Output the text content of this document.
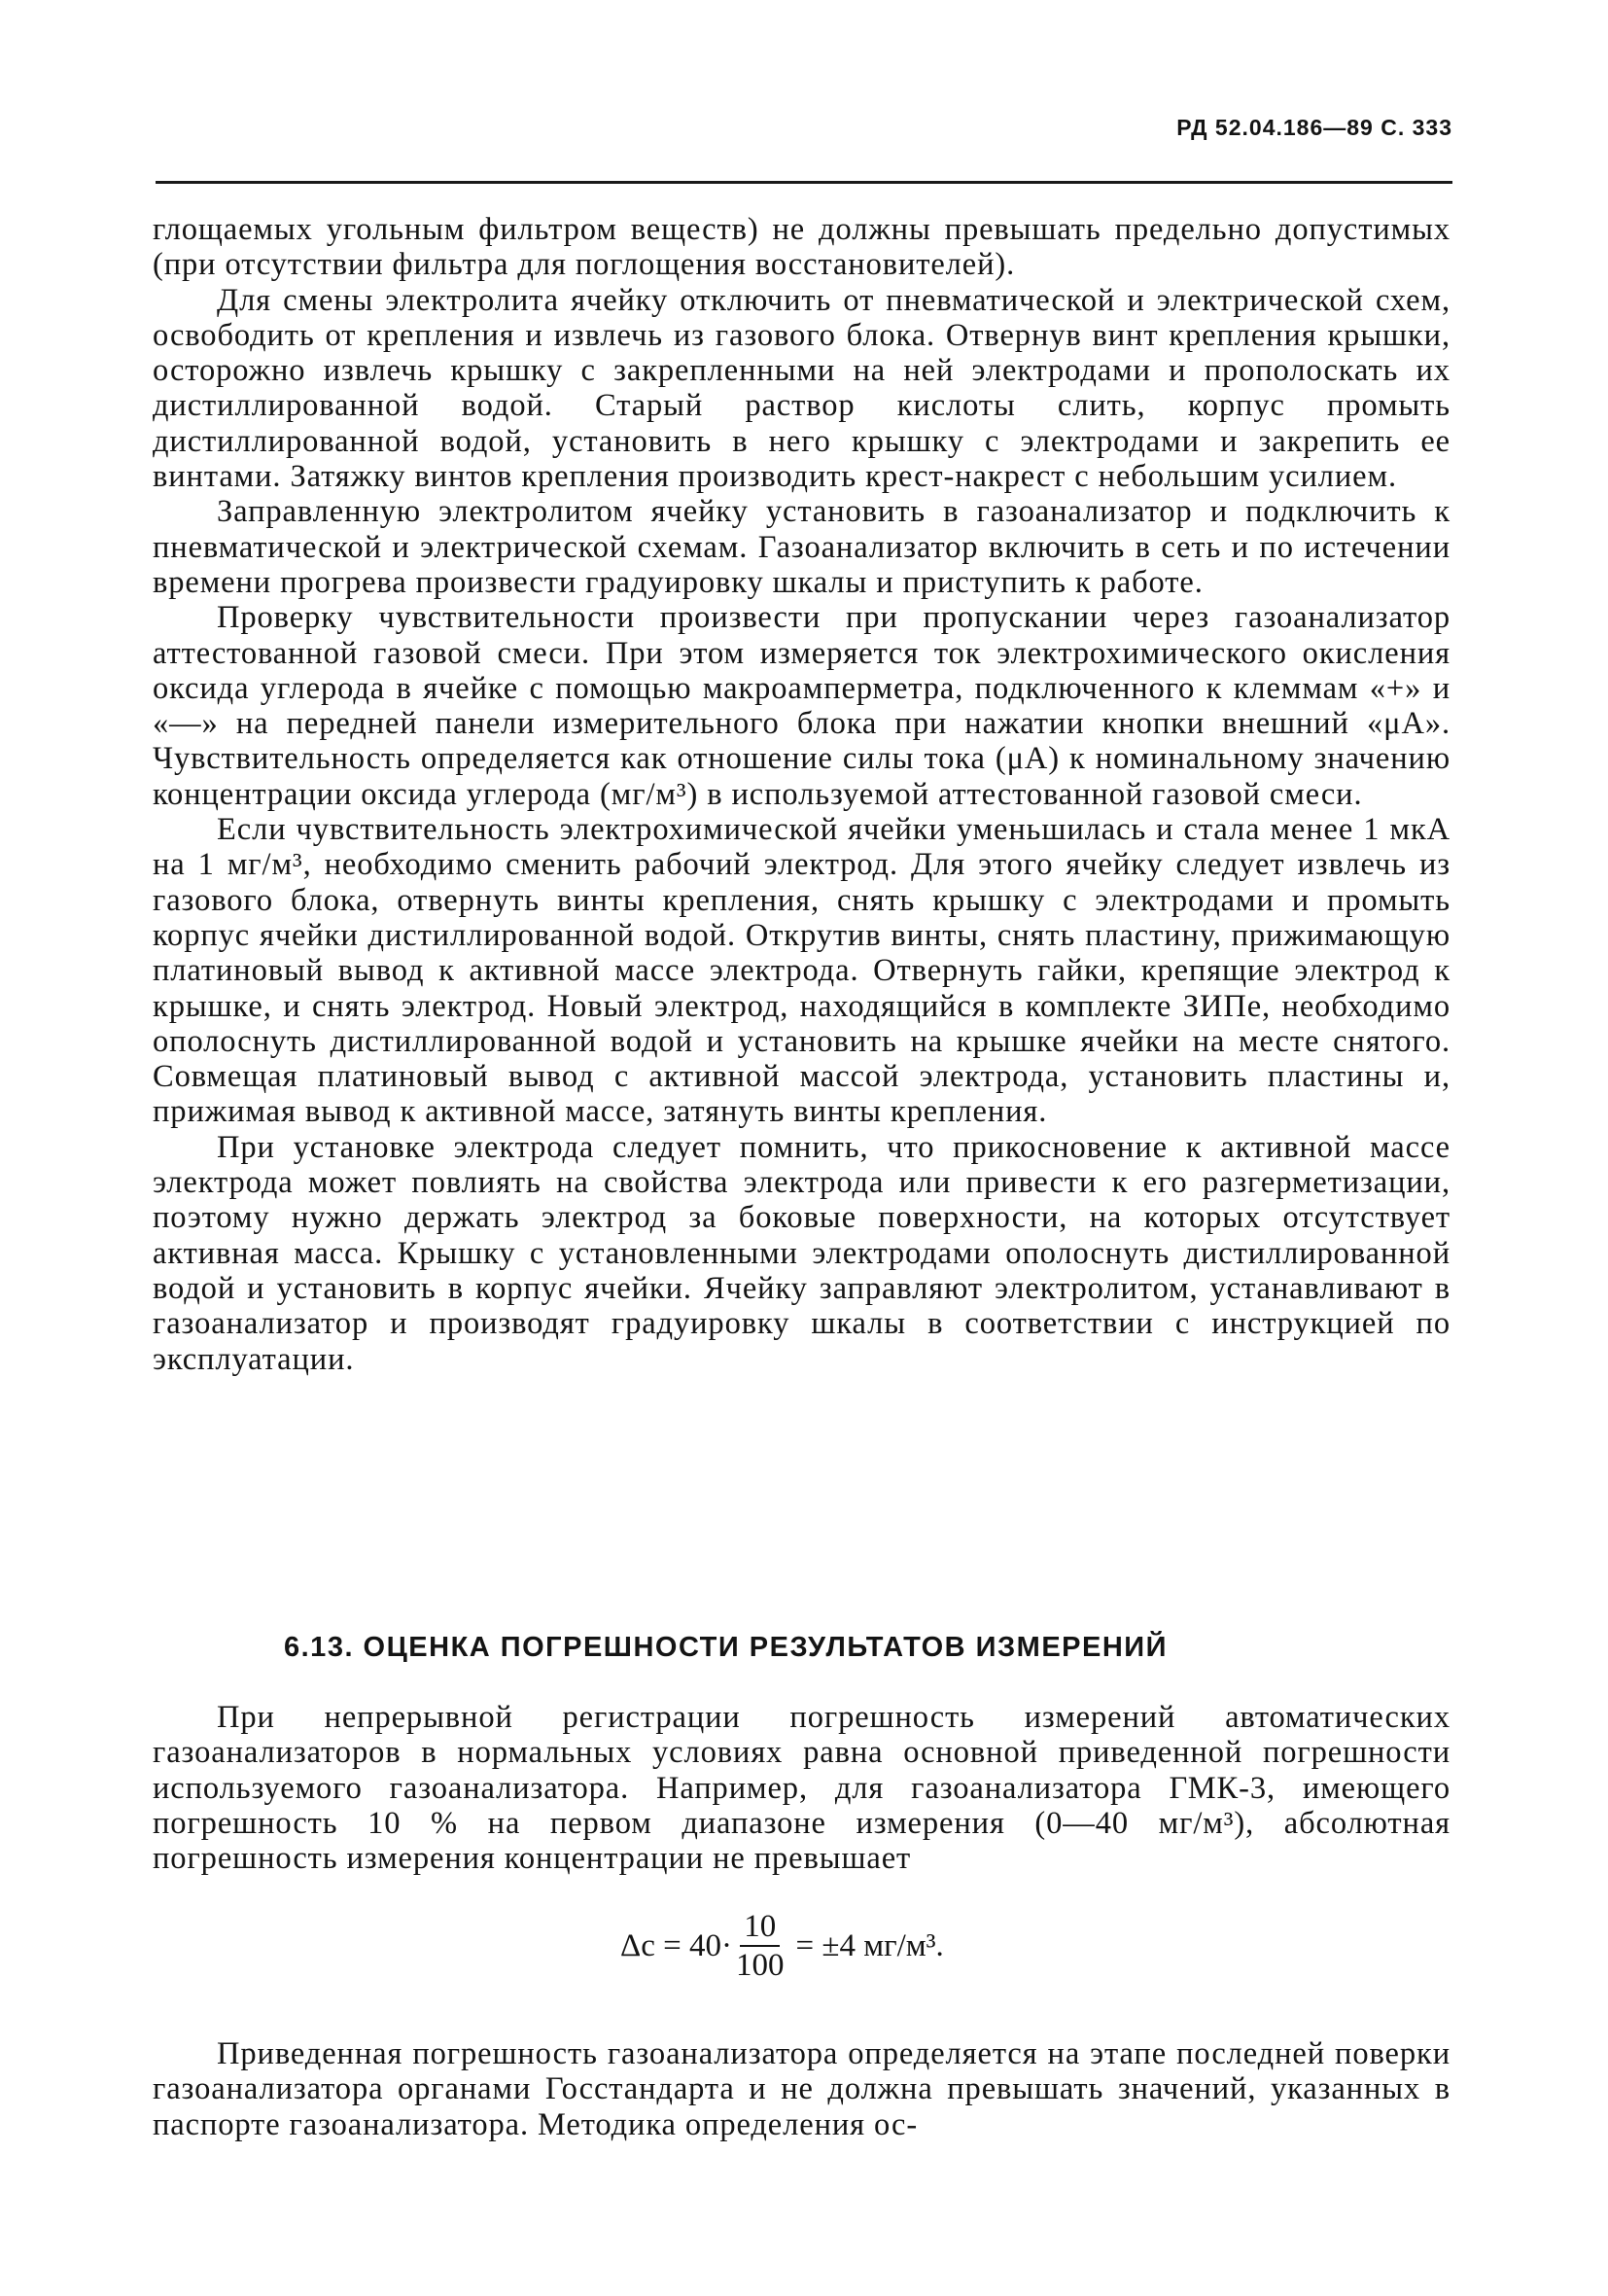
РД 52.04.186—89 С. 333

глощаемых угольным фильтром веществ) не должны превышать предельно допустимых (при отсутствии фильтра для поглощения восстановителей).

Для смены электролита ячейку отключить от пневматической и электрической схем, освободить от крепления и извлечь из газового блока. Отвернув винт крепления крышки, осторожно извлечь крышку с закрепленными на ней электродами и прополоскать их дистиллированной водой. Старый раствор кислоты слить, корпус промыть дистиллированной водой, установить в него крышку с электродами и закрепить ее винтами. Затяжку винтов крепления производить крест-накрест с небольшим усилием.

Заправленную электролитом ячейку установить в газоанализатор и подключить к пневматической и электрической схемам. Газоанализатор включить в сеть и по истечении времени прогрева произвести градуировку шкалы и приступить к работе.

Проверку чувствительности произвести при пропускании через газоанализатор аттестованной газовой смеси. При этом измеряется ток электрохимического окисления оксида углерода в ячейке с помощью макроамперметра, подключенного к клеммам «+» и «—» на передней панели измерительного блока при нажатии кнопки внешний «μА». Чувствительность определяется как отношение силы тока (μА) к номинальному значению концентрации оксида углерода (мг/м³) в используемой аттестованной газовой смеси.

Если чувствительность электрохимической ячейки уменьшилась и стала менее 1 мкА на 1 мг/м³, необходимо сменить рабочий электрод. Для этого ячейку следует извлечь из газового блока, отвернуть винты крепления, снять крышку с электродами и промыть корпус ячейки дистиллированной водой. Открутив винты, снять пластину, прижимающую платиновый вывод к активной массе электрода. Отвернуть гайки, крепящие электрод к крышке, и снять электрод. Новый электрод, находящийся в комплекте ЗИПе, необходимо ополоснуть дистиллированной водой и установить на крышке ячейки на месте снятого. Совмещая платиновый вывод с активной массой электрода, установить пластины и, прижимая вывод к активной массе, затянуть винты крепления.

При установке электрода следует помнить, что прикосновение к активной массе электрода может повлиять на свойства электрода или привести к его разгерметизации, поэтому нужно держать электрод за боковые поверхности, на которых отсутствует активная масса. Крышку с установленными электродами ополоснуть дистиллированной водой и установить в корпус ячейки. Ячейку заправляют электролитом, устанавливают в газоанализатор и производят градуировку шкалы в соответствии с инструкцией по эксплуатации.

6.13. ОЦЕНКА ПОГРЕШНОСТИ РЕЗУЛЬТАТОВ ИЗМЕРЕНИЙ

При непрерывной регистрации погрешность измерений автоматических газоанализаторов в нормальных условиях равна основной приведенной погрешности используемого газоанализатора. Например, для газоанализатора ГМК-3, имеющего погрешность 10 % на первом диапазоне измерения (0—40 мг/м³), абсолютная погрешность измерения концентрации не превышает

$\Delta c = 40\cdot \frac{10}{100} = \pm 4$ мг/м³.

Приведенная погрешность газоанализатора определяется на этапе последней поверки газоанализатора органами Госстандарта и не должна превышать значений, указанных в паспорте газоанализатора. Методика определения ос-
